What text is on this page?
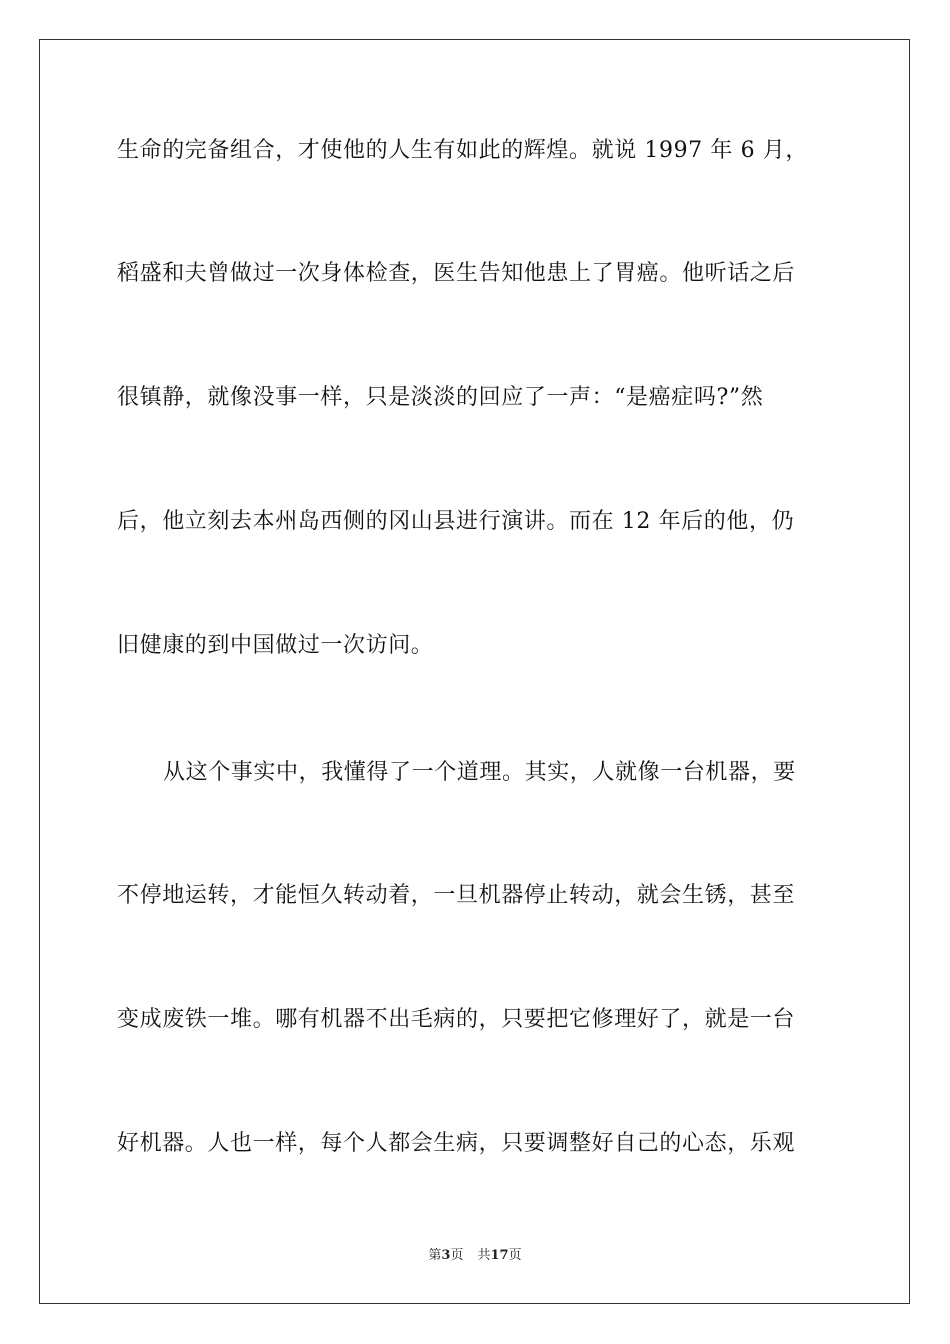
生命的完备组合，才使他的人生有如此的辉煌。就说 1997 年 6 月，
稻盛和夫曾做过一次身体检查，医生告知他患上了胃癌。他听话之后
很镇静，就像没事一样，只是淡淡的回应了一声：“是癌症吗?”然
后，他立刻去本州岛西侧的冈山县进行演讲。而在 12 年后的他，仍
旧健康的到中国做过一次访问。
从这个事实中，我懂得了一个道理。其实，人就像一台机器，要
不停地运转，才能恒久转动着，一旦机器停止转动，就会生锈，甚至
变成废铁一堆。哪有机器不出毛病的，只要把它修理好了，就是一台
好机器。人也一样，每个人都会生病，只要调整好自己的心态，乐观
第3页 共17页
